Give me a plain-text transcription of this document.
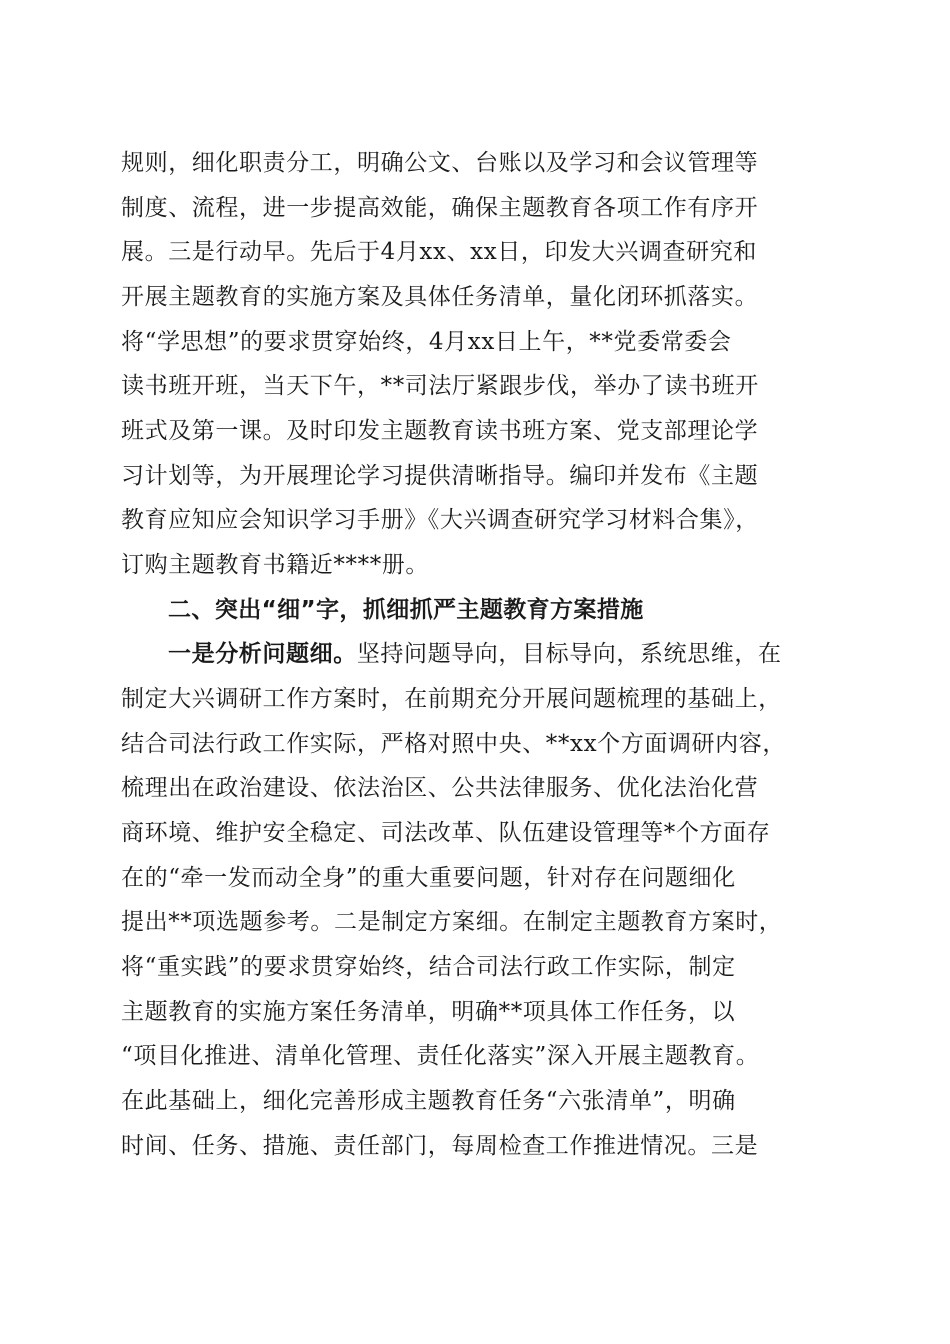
规则，细化职责分工，明确公文、台账以及学习和会议管理等
制度、流程，进一步提高效能，确保主题教育各项工作有序开
展。三是行动早。先后于4月xx、xx日，印发大兴调查研究和
开展主题教育的实施方案及具体任务清单，量化闭环抓落实。
将“学思想”的要求贯穿始终，4月xx日上午，**党委常委会
读书班开班，当天下午，**司法厅紧跟步伐，举办了读书班开
班式及第一课。及时印发主题教育读书班方案、党支部理论学
习计划等，为开展理论学习提供清晰指导。编印并发布《主题
教育应知应会知识学习手册》《大兴调查研究学习材料合集》，
订购主题教育书籍近****册。
二、突出“细”字，抓细抓严主题教育方案措施
一是分析问题细。坚持问题导向，目标导向，系统思维，在
制定大兴调研工作方案时，在前期充分开展问题梳理的基础上，
结合司法行政工作实际，严格对照中央、**xx个方面调研内容，
梳理出在政治建设、依法治区、公共法律服务、优化法治化营
商环境、维护安全稳定、司法改革、队伍建设管理等*个方面存
在的“牵一发而动全身”的重大重要问题，针对存在问题细化
提出**项选题参考。二是制定方案细。在制定主题教育方案时，
将“重实践”的要求贯穿始终，结合司法行政工作实际，制定
主题教育的实施方案任务清单，明确**项具体工作任务，以
“项目化推进、清单化管理、责任化落实”深入开展主题教育。
在此基础上，细化完善形成主题教育任务“六张清单”，明确
时间、任务、措施、责任部门，每周检查工作推进情况。三是
